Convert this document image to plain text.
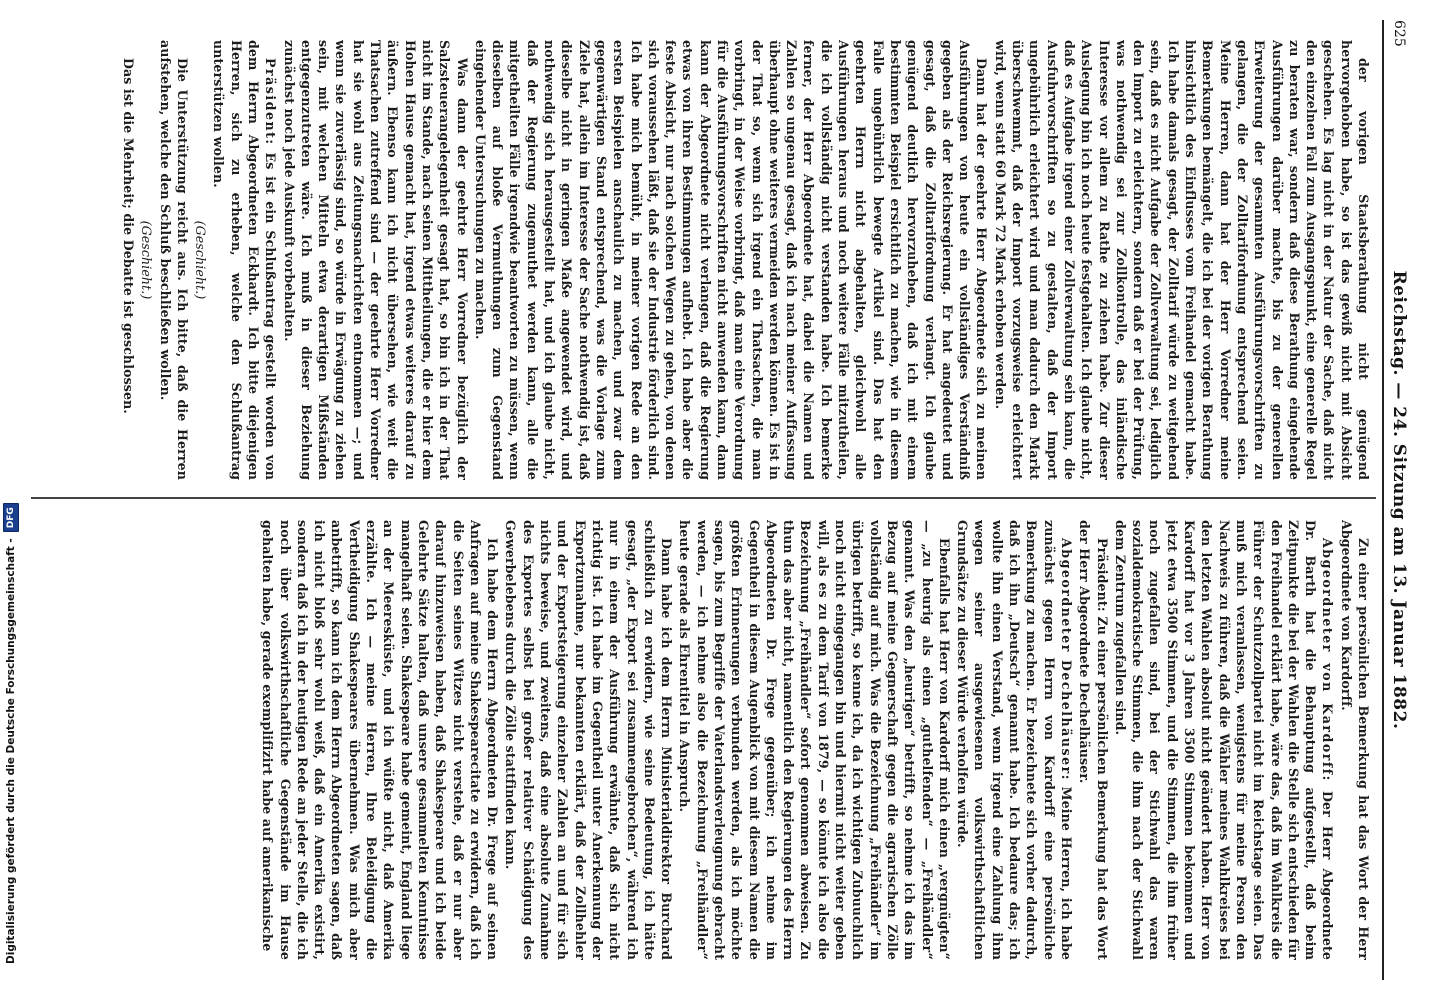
625
Reichstag. — 24. Sitzung am 13. Januar 1882.

der vorigen Staatsberathung nicht genügend hervorgehoben habe, so ist das gewiß nicht mit Absicht geschehen. Es lag nicht in der Natur der Sache, daß nicht den einzelnen Fall zum Ausgangspunkt, eine generelle Regel zu beraten war, sondern daß diese Berathung eingehende Ausführungen darüber machte, bis zu der generellen Erweiterung der gesammten Ausführungsvorschriften zu gelangen, die der Zolltarifordnung entsprechend seien. Meine Herren, dann hat der Herr Vorredner meine Bemerkungen bemängelt, die ich bei der vorigen Berathung hinsichtlich des Einflusses vom Freihandel gemacht habe. Ich habe damals gesagt, der Zolltarif würde zu weitgehend sein, daß es nicht Aufgabe der Zollverwaltung sei, lediglich den Import zu erleichtern, sondern daß er bei der Prüfung, was nothwendig sei zur Zollkontrolle, das inländische Interesse vor allem zu Rathe zu ziehen habe. Zur dieser Auslegung bin ich noch heute festgehalten. Ich glaube nicht, daß es Aufgabe irgend einer Zollverwaltung sein kann, die Ausfuhrvorschriften so zu gestalten, daß der Import ungebührlich erleichtert wird und man dadurch den Markt überschwemmt, daß der Import vorzugsweise erleichtert wird, wenn statt 60 Mark 72 Mark erhoben werden.

Dann hat der geehrte Herr Abgeordnete sich zu meinen Ausführungen von heute ein vollständiges Verständniß gegeben als der Reichsregierung. Er hat angedeutet und gesagt, daß die Zolltarifordnung verlangt. Ich glaube genügend deutlich hervorzuheben, daß ich mit einem bestimmten Beispiel ersichtlich zu machen, wie in diesem Falle ungebührlich bewegte Artikel sind. Das hat den geehrten Herrn nicht abgehalten, gleichwohl alle Ausführungen heraus und noch weitere Fälle mitzutheilen, die ich vollständig nicht verstanden habe. Ich bemerke ferner, der Herr Abgeordnete hat, dabei die Namen und Zahlen so ungenau gesagt, daß ich nach meiner Auffassung überhaupt ohne weiteres vermeiden werden können. Es ist in der That so, wenn sich irgend ein Thatsachen, die man vorbringt, in der Weise vorbringt, daß man eine Verordnung für die Ausführungsvorschriften nicht anwenden kann, dann kann der Abgeordnete nicht verlangen, daß die Regierung etwas von ihren Bestimmungen aufhebt. Ich habe aber die feste Absicht, nur nach solchen Wegen zu gehen, von denen sich voraussehen läßt, daß sie der Industrie förderlich sind. Ich habe mich bemüht, in meiner vorigen Rede an den ersten Beispielen anschaulich zu machen, und zwar dem gegenwärtigen Stand entsprechend, was die Vorlage zum Ziele hat, allein im Interesse der Sache nothwendig ist, daß dieselbe nicht in geringen Maße angewendet wird, und nothwendig sich herausgestellt hat, und ich glaube nicht, daß der Regierung zugemuthet werden kann, alle die mitgetheilten Fälle irgendwie beantworten zu müssen, wenn dieselben auf bloße Vermuthungen zum Gegenstand eingehender Untersuchungen zu machen.

Was dann der geehrte Herr Vorredner bezüglich der Salzsteuerangelegenheit gesagt hat, so bin ich in der That nicht im Stande, nach seinen Mittheilungen, die er hier dem Hohen Hause gemacht hat, irgend etwas weiteres darauf zu äußern. Ebenso kann ich nicht übersehen, wie weit die Thatsachen zutreffend sind — der geehrte Herr Vorredner hat sie wohl aus Zeitungsnachrichten entnommen —; und wenn sie zuverlässig sind, so würde in Erwägung zu ziehen sein, mit welchen Mitteln etwa derartigen Mißständen entgegenzutreten wäre. Ich muß in dieser Beziehung zunächst noch jede Auskunft vorbehalten.

Präsident: Es ist ein Schlußantrag gestellt worden von dem Herrn Abgeordneten Eckhardt. Ich bitte diejenigen Herren, sich zu erheben, welche den Schlußantrag unterstützen wollen.

(Geschieht.)

Die Unterstützung reicht aus. Ich bitte, daß die Herren aufstehen, welche den Schluß beschließen wollen.

(Geschieht.)

Das ist die Mehrheit; die Debatte ist geschlossen.

Zu einer persönlichen Bemerkung hat das Wort der Herr Abgeordnete von Kardorff.

Abgeordneter von Kardorff: Der Herr Abgeordnete Dr. Barth hat die Behauptung aufgestellt, daß beim Zeitpunkte die bei der Wahlen die Stelle sich entschieden für den Freihandel erklärt habe, wäre das, daß im Wahlkreis die Führer der Schutzzollpartei nicht im Reichstage seien. Das muß mich veranlassen, wenigstens für meine Person den Nachweis zu führen, daß die Wähler meines Wahlkreises bei den letzten Wahlen absolut nicht geändert haben. Herr von Kardorff hat vor 3 Jahren 3500 Stimmen bekommen und jetzt etwa 3500 Stimmen, und die Stimmen, die ihm früher noch zugefallen sind, bei der Stichwahl das waren sozialdemokratische Stimmen, die ihm nach der Stichwahl dem Zentrum zugefallen sind.

Präsident: Zu einer persönlichen Bemerkung hat das Wort der Herr Abgeordnete Dechelhäuser.

Abgeordneter Dechelhäuser: Meine Herren, ich habe zunächst gegen Herrn von Kardorff eine persönliche Bemerkung zu machen. Er bezeichnete sich vorher dadurch, daß ich ihn „Deutsch“ genannt habe. Ich bedaure das; ich wollte ihn einen Verstand, wenn irgend eine Zahlung ihm wegen seiner ausgewiesenen volkswirthschaftlichen Grundsätze zu dieser Würde verholfen würde.

Ebenfalls hat Herr von Kardorff mich einen „vergnügten“ — „zu heurig als einen „guthelfenden“ — „Freihändler“ genannt. Was den „heurigen“ betrifft, so nehme ich das im Bezug auf meine Gegnerschaft gegen die agrarischen Zölle vollständig auf mich. Was die Bezeichnung „Freihändler“ im übrigen betrifft, so kenne ich, da ich wichtigen Zubuuchlich noch nicht eingegangen bin und hiermit nicht weiter geben will, als es zu dem Tarif von 1879, — so könnte ich also die Bezeichnung „Freihändler“ sofort genommen abweisen. Zu thun das aber nicht, namentlich den Regierungen des Herrn Abgeordneten Dr. Frege gegenüber; ich nehme im Gegentheil in diesem Augenblick von mit diesem Namen die größten Erinnerungen verbunden werden, als ich möchte sagen, bis zum Begriffe der Vaterlandsverleugnung gebracht werden, — ich nehme also die Bezeichnung „Freihändler“ heute gerade als Ehrentitel in Anspruch.

Dann habe ich dem Herrn Ministerialdirektor Burchard schließlich zu erwidern, wie seine Bedeutung, ich hätte gesagt, „der Export sei zusammengebrochen“, während ich nur in einem der Ausführung erwähnte, daß sich nicht richtig ist. Ich habe im Gegentheil unter Anerkennung der Exportzunahme, nur bekannten erklärt, daß der Zollhehler und der Exportsteigerung einzelner Zahlen an und für sich nichts beweise, und zweitens, daß eine absolute Zunahme des Exportes selbst bei großer relativer Schädigung des Gewerbelebens durch die Zölle stattfinden kann.

Ich habe dem Herrn Abgeordneten Dr. Frege auf seinen Anfragen auf meine Shakespearecitate zu erwidern, daß ich die Seiten seines Witzes nicht verstehe, daß er nur aber darauf hinzuweisen haben, daß Shakespeare und ich beide Gelehrte Sätze halten, daß unsere gesammelten Kenntnisse mangelhaft seien. Shakespeare habe gemeint, England liege an der Meeresküste, und ich wüßte nicht, daß Amerika erzählte. Ich — meine Herren, Ihre Beleidigung die Vertheidigung Shakespeares übernehmen. Was mich aber anbetrifft, so kann ich dem Herrn Abgeordneten sagen, daß ich nicht bloß sehr wohl weiß, daß ein Amerika existirt, sondern daß ich in der heutigen Rede an jeder Stelle, die ich noch über volkswirthschaftliche Gegenstände im Hause gehalten habe, gerade exemplifizirt habe auf amerikanische

Digitalisierung gefördert durch die Deutsche Forschungsgemeinschaft -
DFG
